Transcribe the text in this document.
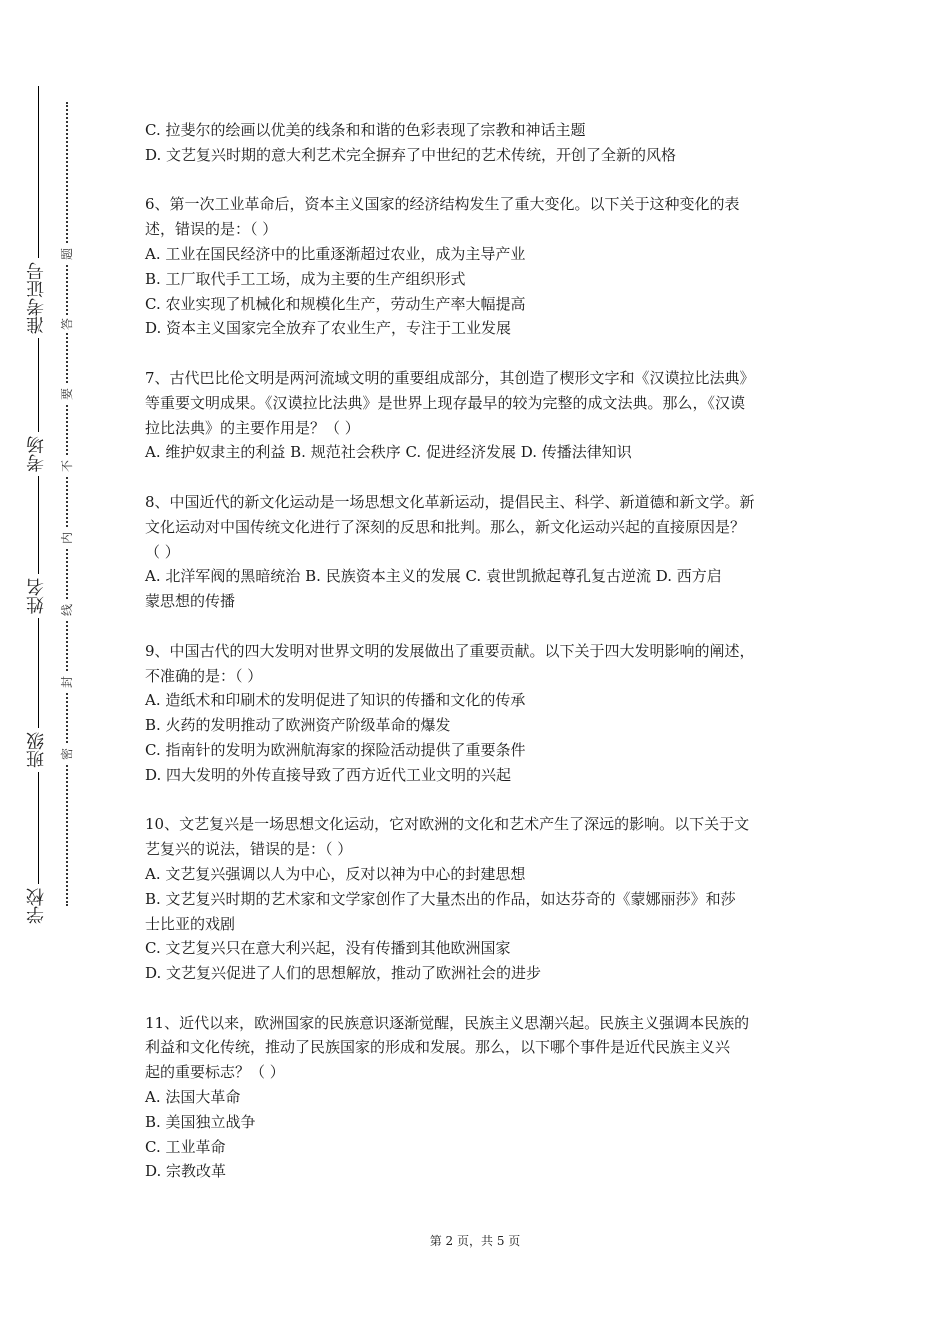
准考证号
考场
姓名
班级
学校
题
答
要
不
内
线
封
密
C. 拉斐尔的绘画以优美的线条和和谐的色彩表现了宗教和神话主题
D. 文艺复兴时期的意大利艺术完全摒弃了中世纪的艺术传统，开创了全新的风格
6、第一次工业革命后，资本主义国家的经济结构发生了重大变化。以下关于这种变化的表
述，错误的是：（ ）
A. 工业在国民经济中的比重逐渐超过农业，成为主导产业
B. 工厂取代手工工场，成为主要的生产组织形式
C. 农业实现了机械化和规模化生产，劳动生产率大幅提高
D. 资本主义国家完全放弃了农业生产，专注于工业发展
7、古代巴比伦文明是两河流域文明的重要组成部分，其创造了楔形文字和《汉谟拉比法典》
等重要文明成果。《汉谟拉比法典》是世界上现存最早的较为完整的成文法典。那么，《汉谟
拉比法典》的主要作用是？（ ）
A. 维护奴隶主的利益 B. 规范社会秩序 C. 促进经济发展 D. 传播法律知识
8、中国近代的新文化运动是一场思想文化革新运动，提倡民主、科学、新道德和新文学。新
文化运动对中国传统文化进行了深刻的反思和批判。那么，新文化运动兴起的直接原因是？
（ ）
A. 北洋军阀的黑暗统治 B. 民族资本主义的发展 C. 袁世凯掀起尊孔复古逆流 D. 西方启
蒙思想的传播
9、中国古代的四大发明对世界文明的发展做出了重要贡献。以下关于四大发明影响的阐述，
不准确的是：（ ）
A. 造纸术和印刷术的发明促进了知识的传播和文化的传承
B. 火药的发明推动了欧洲资产阶级革命的爆发
C. 指南针的发明为欧洲航海家的探险活动提供了重要条件
D. 四大发明的外传直接导致了西方近代工业文明的兴起
10、文艺复兴是一场思想文化运动，它对欧洲的文化和艺术产生了深远的影响。以下关于文
艺复兴的说法，错误的是：（ ）
A. 文艺复兴强调以人为中心，反对以神为中心的封建思想
B. 文艺复兴时期的艺术家和文学家创作了大量杰出的作品，如达芬奇的《蒙娜丽莎》和莎
士比亚的戏剧
C. 文艺复兴只在意大利兴起，没有传播到其他欧洲国家
D. 文艺复兴促进了人们的思想解放，推动了欧洲社会的进步
11、近代以来，欧洲国家的民族意识逐渐觉醒，民族主义思潮兴起。民族主义强调本民族的
利益和文化传统，推动了民族国家的形成和发展。那么，以下哪个事件是近代民族主义兴
起的重要标志？（ ）
A. 法国大革命
B. 美国独立战争
C. 工业革命
D. 宗教改革
第 2 页，共 5 页
